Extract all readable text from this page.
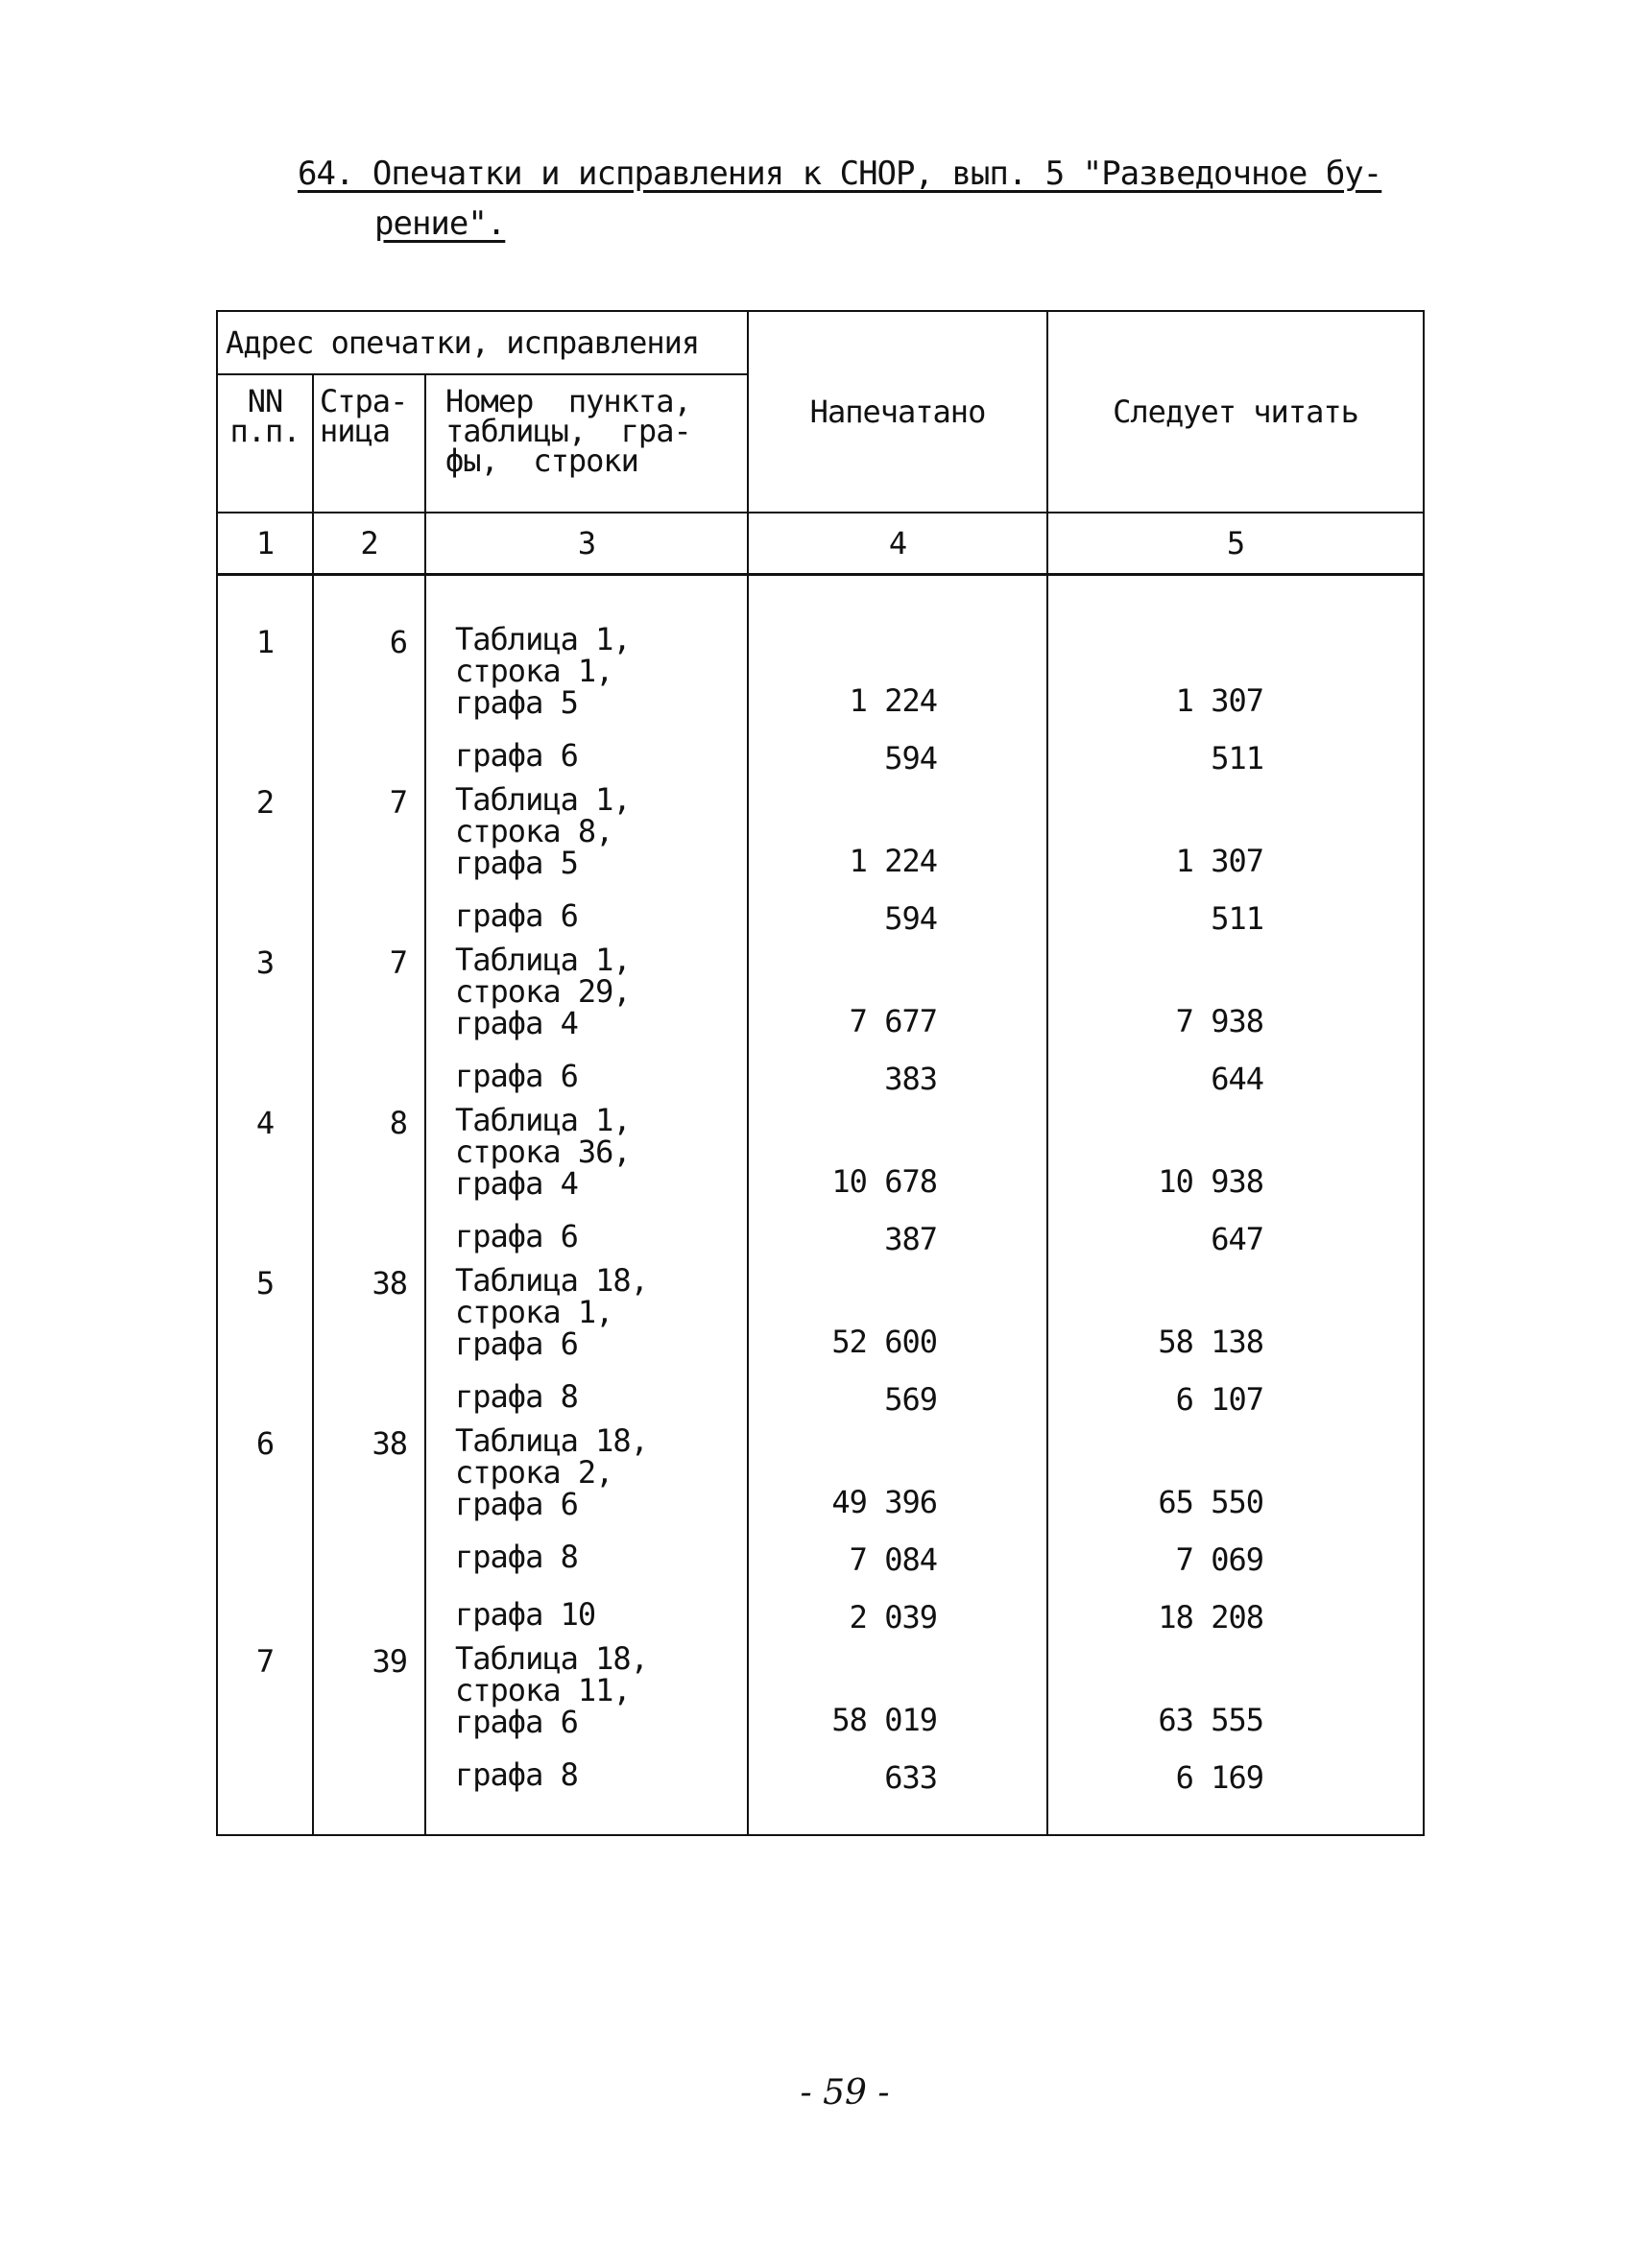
64. Опечатки и исправления к СНОР, вып. 5 "Разведочное бу-
рение".
Адрес опечатки, исправления			Напечатано	Следует читать

NN
п.п.	Стра-
ница	Номер  пункта,
таблицы,  гра-
фы,  строки		

1	2	3	4	5
1	6	Таблица 1,
строка 1,
графа 5	1 224	1 307

		графа 6	594	511
2	7	Таблица 1,
строка 8,
графа 5	1 224	1 307

		графа 6	594	511
3	7	Таблица 1,
строка 29,
графа 4	7 677	7 938

		графа 6	383	644
4	8	Таблица 1,
строка 36,
графа 4	10 678	10 938

		графа 6	387	647
5	38	Таблица 18,
строка 1,
графа 6	52 600	58 138

		графа 8	569	6 107
6	38	Таблица 18,
строка 2,
графа 6	49 396	65 550

		графа 8	7 084	7 069

		графа 10	2 039	18 208
7	39	Таблица 18,
строка 11,
графа 6	58 019	63 555

		графа 8	633	6 169
- 59 -
